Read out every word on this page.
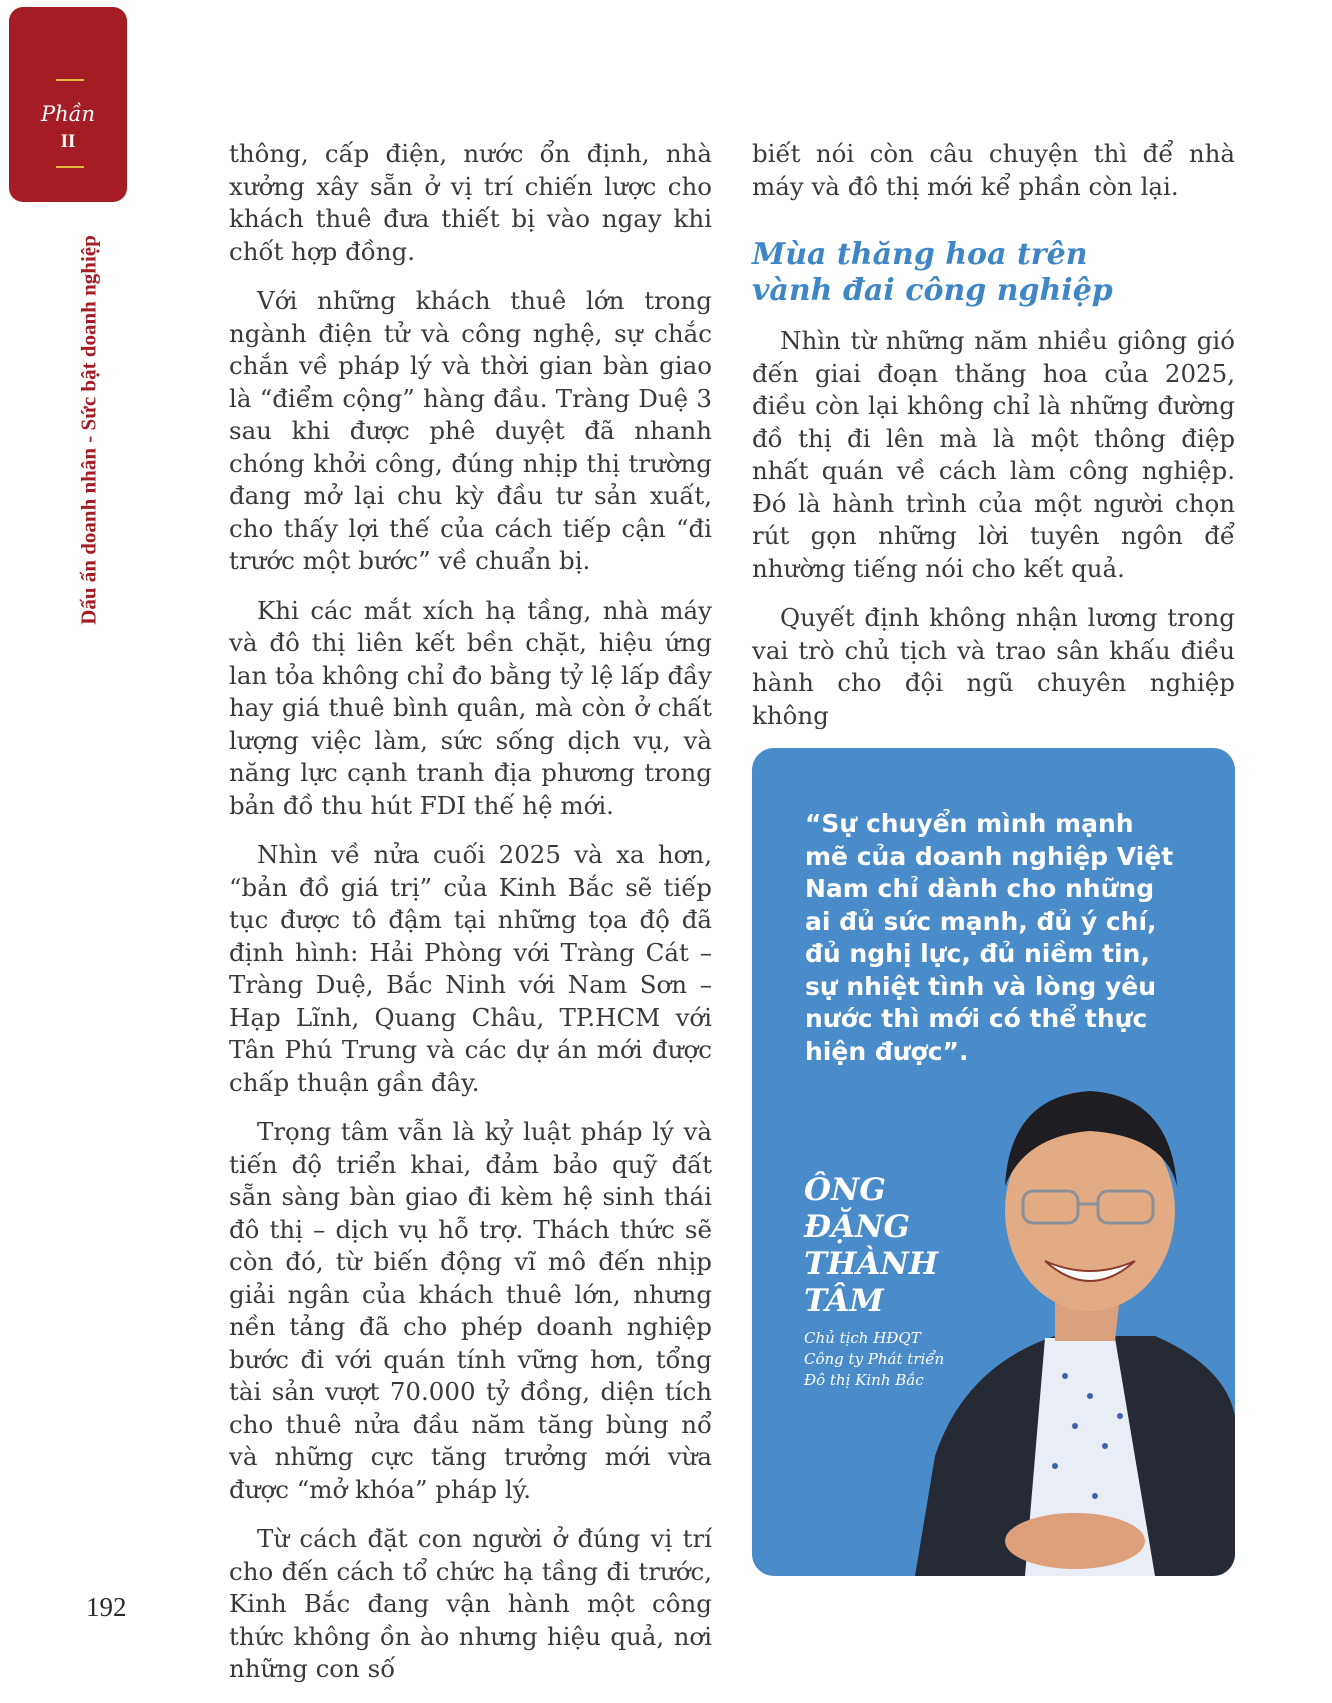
Phần
II
Dấu ấn doanh nhân - Sức bật doanh nghiệp

thông, cấp điện, nước ổn định, nhà xưởng xây sẵn ở vị trí chiến lược cho khách thuê đưa thiết bị vào ngay khi chốt hợp đồng.

Với những khách thuê lớn trong ngành điện tử và công nghệ, sự chắc chắn về pháp lý và thời gian bàn giao là “điểm cộng” hàng đầu. Tràng Duệ 3 sau khi được phê duyệt đã nhanh chóng khởi công, đúng nhịp thị trường đang mở lại chu kỳ đầu tư sản xuất, cho thấy lợi thế của cách tiếp cận “đi trước một bước” về chuẩn bị.

Khi các mắt xích hạ tầng, nhà máy và đô thị liên kết bền chặt, hiệu ứng lan tỏa không chỉ đo bằng tỷ lệ lấp đầy hay giá thuê bình quân, mà còn ở chất lượng việc làm, sức sống dịch vụ, và năng lực cạnh tranh địa phương trong bản đồ thu hút FDI thế hệ mới.

Nhìn về nửa cuối 2025 và xa hơn, “bản đồ giá trị” của Kinh Bắc sẽ tiếp tục được tô đậm tại những tọa độ đã định hình: Hải Phòng với Tràng Cát – Tràng Duệ, Bắc Ninh với Nam Sơn – Hạp Lĩnh, Quang Châu, TP.HCM với Tân Phú Trung và các dự án mới được chấp thuận gần đây.

Trọng tâm vẫn là kỷ luật pháp lý và tiến độ triển khai, đảm bảo quỹ đất sẵn sàng bàn giao đi kèm hệ sinh thái đô thị – dịch vụ hỗ trợ. Thách thức sẽ còn đó, từ biến động vĩ mô đến nhịp giải ngân của khách thuê lớn, nhưng nền tảng đã cho phép doanh nghiệp bước đi với quán tính vững hơn, tổng tài sản vượt 70.000 tỷ đồng, diện tích cho thuê nửa đầu năm tăng bùng nổ và những cực tăng trưởng mới vừa được “mở khóa” pháp lý.

Từ cách đặt con người ở đúng vị trí cho đến cách tổ chức hạ tầng đi trước, Kinh Bắc đang vận hành một công thức không ồn ào nhưng hiệu quả, nơi những con số

biết nói còn câu chuyện thì để nhà máy và đô thị mới kể phần còn lại.

Mùa thăng hoa trên
vành đai công nghiệp

Nhìn từ những năm nhiều giông gió đến giai đoạn thăng hoa của 2025, điều còn lại không chỉ là những đường đồ thị đi lên mà là một thông điệp nhất quán về cách làm công nghiệp. Đó là hành trình của một người chọn rút gọn những lời tuyên ngôn để nhường tiếng nói cho kết quả.

Quyết định không nhận lương trong vai trò chủ tịch và trao sân khấu điều hành cho đội ngũ chuyên nghiệp không

“Sự chuyển mình mạnh mẽ của doanh nghiệp Việt Nam chỉ dành cho những ai đủ sức mạnh, đủ ý chí, đủ nghị lực, đủ niềm tin, sự nhiệt tình và lòng yêu nước thì mới có thể thực hiện được”.
ÔNG
ĐẶNG
THÀNH
TÂM
Chủ tịch HĐQT
Công ty Phát triển
Đô thị Kinh Bắc
192
